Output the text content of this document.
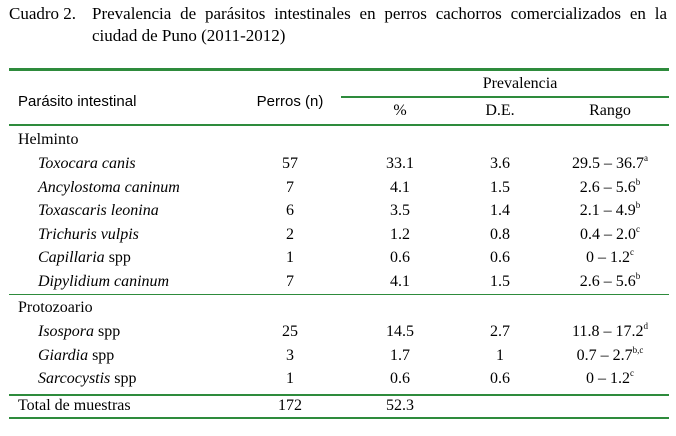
Cuadro 2. Prevalencia de parásitos intestinales en perros cachorros comercializados en la ciudad de Puno (2011-2012)
Parásito intestinal	Perros (n)
Prevalencia
%	D.E.	Rango
Helminto
Toxocara canis	57	33.1	3.6	29.5 – 36.7$^a$
Ancylostoma caninum	7	4.1	1.5	2.6 – 5.6$^b$
Toxascaris leonina	6	3.5	1.4	2.1 – 4.9$^b$
Trichuris vulpis	2	1.2	0.8	0.4 – 2.0$^c$
Capillaria spp	1	0.6	0.6	0 – 1.2$^c$
Dipylidium caninum	7	4.1	1.5	2.6 – 5.6$^b$
Protozoario
Isospora spp	25	14.5	2.7	11.8 – 17.2$^d$
Giardia spp	3	1.7	1	0.7 – 2.7$^{b,c}$
Sarcocystis spp	1	0.6	0.6	0 – 1.2$^c$
Total de muestras	172	52.3
